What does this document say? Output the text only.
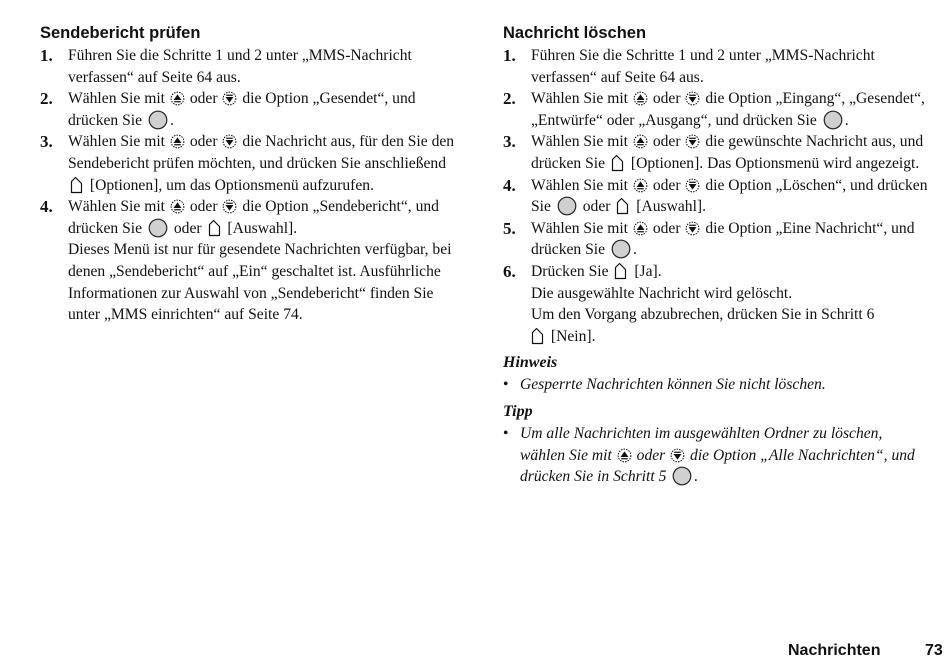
Sendebericht prüfen
1. Führen Sie die Schritte 1 und 2 unter „MMS-Nachricht verfassen“ auf Seite 64 aus.
2. Wählen Sie mit oder die Option „Gesendet“, und drücken Sie .
3. Wählen Sie mit oder die Nachricht aus, für den Sie den Sendebericht prüfen möchten, und drücken Sie anschließend  [Optionen], um das Optionsmenü aufzurufen.
4. Wählen Sie mit oder die Option „Sendebericht“, und drücken Sie oder [Auswahl].
Dieses Menü ist nur für gesendete Nachrichten verfügbar, bei denen „Sendebericht“ auf „Ein“ geschaltet ist. Ausführliche Informationen zur Auswahl von „Sendebericht“ finden Sie unter „MMS einrichten“ auf Seite 74.
Nachricht löschen
1. Führen Sie die Schritte 1 und 2 unter „MMS-Nachricht verfassen“ auf Seite 64 aus.
2. Wählen Sie mit oder die Option „Eingang“, „Gesendet“, „Entwürfe“ oder „Ausgang“, und drücken Sie .
3. Wählen Sie mit oder die gewünschte Nachricht aus, und drücken Sie [Optionen]. Das Optionsmenü wird angezeigt.
4. Wählen Sie mit oder die Option „Löschen“, und drücken Sie oder [Auswahl].
5. Wählen Sie mit oder die Option „Eine Nachricht“, und drücken Sie .
6. Drücken Sie [Ja].
Die ausgewählte Nachricht wird gelöscht.
Um den Vorgang abzubrechen, drücken Sie in Schritt 6
[Nein].
Hinweis
• Gesperrte Nachrichten können Sie nicht löschen.
Tipp
• Um alle Nachrichten im ausgewählten Ordner zu löschen, wählen Sie mit oder die Option „Alle Nachrichten“, und drücken Sie in Schritt 5 .
Nachrichten	73
